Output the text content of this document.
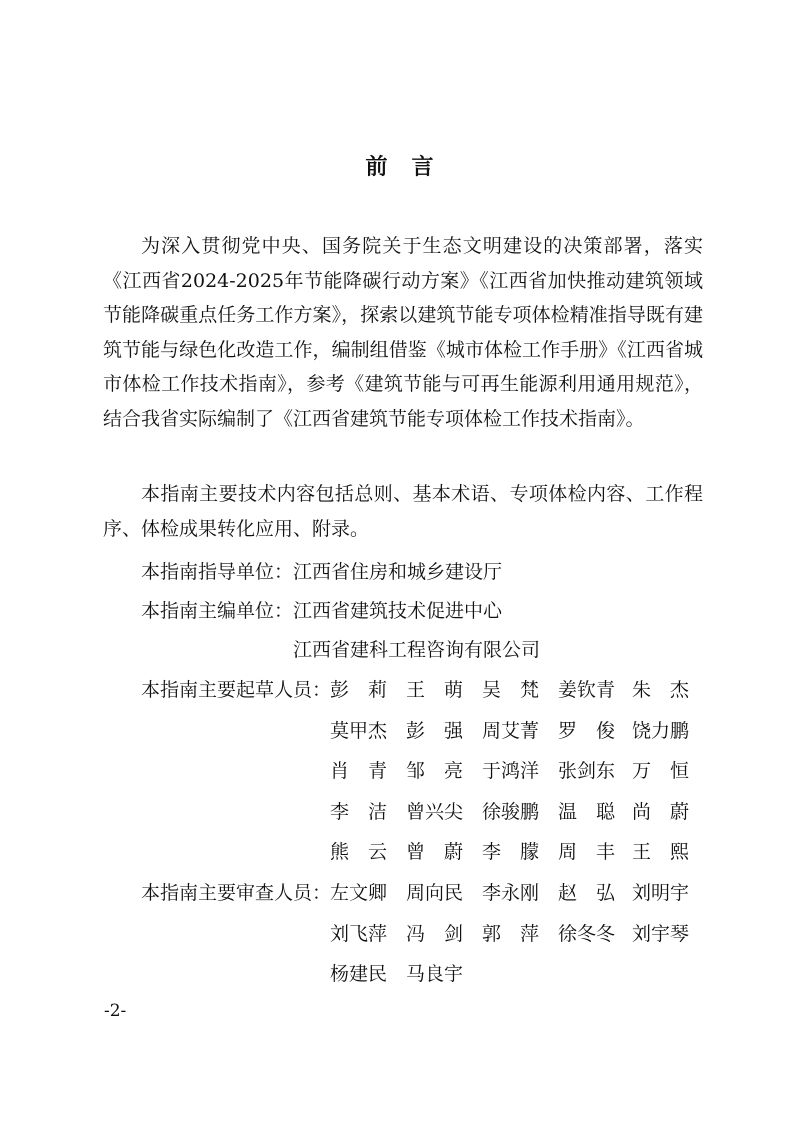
前　言

为深入贯彻党中央、国务院关于生态文明建设的决策部署，落实《江西省2024-2025年节能降碳行动方案》《江西省加快推动建筑领域节能降碳重点任务工作方案》，探索以建筑节能专项体检精准指导既有建筑节能与绿色化改造工作，编制组借鉴《城市体检工作手册》《江西省城市体检工作技术指南》，参考《建筑节能与可再生能源利用通用规范》，结合我省实际编制了《江西省建筑节能专项体检工作技术指南》。

本指南主要技术内容包括总则、基本术语、专项体检内容、工作程序、体检成果转化应用、附录。

本指南指导单位：江西省住房和城乡建设厅
本指南主编单位： 江西省建筑技术促进中心
江西省建科工程咨询有限公司
本指南主要起草人员：
彭　莉 王　萌 吴　梵 姜钦青 朱　杰
莫甲杰 彭　强 周艾菁 罗　俊 饶力鹏
肖　青 邹　亮 于鸿洋 张剑东 万　恒
李　洁 曾兴尖 徐骏鹏 温　聪 尚　蔚
熊　云 曾　蔚 李　朦 周　丰 王　熙
本指南主要审查人员：
左文卿 周向民 李永刚 赵　弘 刘明宇
刘飞萍 冯　剑 郭　萍 徐冬冬 刘宇琴
杨建民 马良宇
-2-
